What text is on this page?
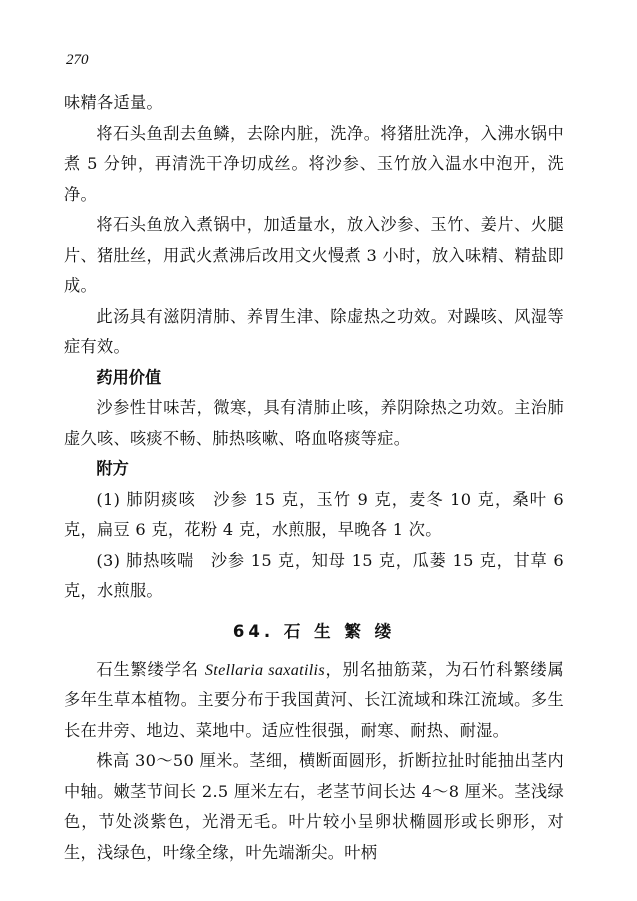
270

味精各适量。

将石头鱼刮去鱼鳞，去除内脏，洗净。将猪肚洗净，入沸水锅中煮 5 分钟，再清洗干净切成丝。将沙参、玉竹放入温水中泡开，洗净。

将石头鱼放入煮锅中，加适量水，放入沙参、玉竹、姜片、火腿片、猪肚丝，用武火煮沸后改用文火慢煮 3 小时，放入味精、精盐即成。

此汤具有滋阴清肺、养胃生津、除虚热之功效。对躁咳、风湿等症有效。

药用价值

沙参性甘味苦，微寒，具有清肺止咳，养阴除热之功效。主治肺虚久咳、咳痰不畅、肺热咳嗽、咯血咯痰等症。

附方

(1) 肺阴痰咳　沙参 15 克，玉竹 9 克，麦冬 10 克，桑叶 6 克，扁豆 6 克，花粉 4 克，水煎服，早晚各 1 次。

(3) 肺热咳喘　沙参 15 克，知母 15 克，瓜蒌 15 克，甘草 6 克，水煎服。

64. 石 生 繁 缕

石生繁缕学名 Stellaria saxatilis，别名抽筋菜，为石竹科繁缕属多年生草本植物。主要分布于我国黄河、长江流域和珠江流域。多生长在井旁、地边、菜地中。适应性很强，耐寒、耐热、耐湿。

株高 30～50 厘米。茎细，横断面圆形，折断拉扯时能抽出茎内中轴。嫩茎节间长 2.5 厘米左右，老茎节间长达 4～8 厘米。茎浅绿色，节处淡紫色，光滑无毛。叶片较小呈卵状椭圆形或长卵形，对生，浅绿色，叶缘全缘，叶先端渐尖。叶柄
